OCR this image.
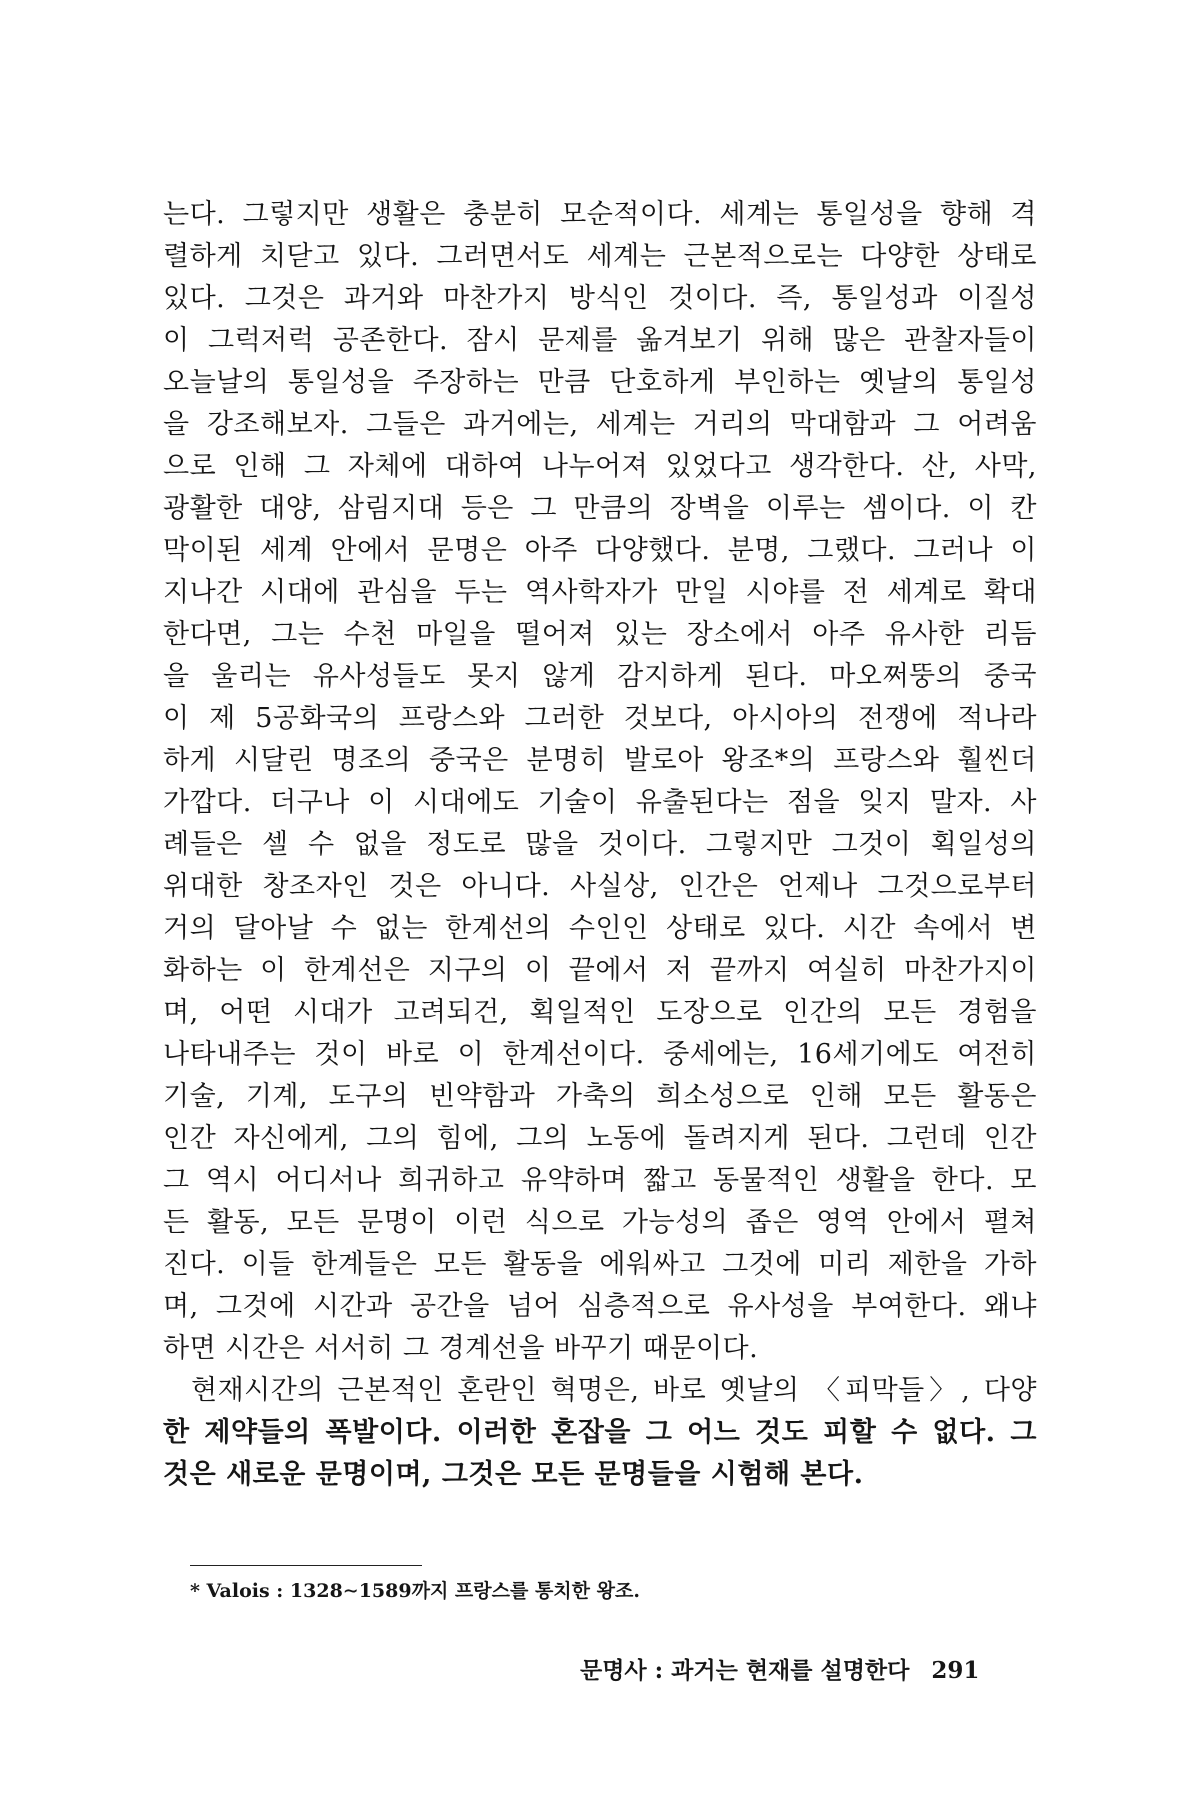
는다. 그렇지만 생활은 충분히 모순적이다. 세계는 통일성을 향해 격
렬하게 치닫고 있다. 그러면서도 세계는 근본적으로는 다양한 상태로
있다. 그것은 과거와 마찬가지 방식인 것이다. 즉, 통일성과 이질성
이 그럭저럭 공존한다. 잠시 문제를 옮겨보기 위해 많은 관찰자들이
오늘날의 통일성을 주장하는 만큼 단호하게 부인하는 옛날의 통일성
을 강조해보자. 그들은 과거에는, 세계는 거리의 막대함과 그 어려움
으로 인해 그 자체에 대하여 나누어져 있었다고 생각한다. 산, 사막,
광활한 대양, 삼림지대 등은 그 만큼의 장벽을 이루는 셈이다. 이 칸
막이된 세계 안에서 문명은 아주 다양했다. 분명, 그랬다. 그러나 이
지나간 시대에 관심을 두는 역사학자가 만일 시야를 전 세계로 확대
한다면, 그는 수천 마일을 떨어져 있는 장소에서 아주 유사한 리듬
을 울리는 유사성들도 못지 않게 감지하게 된다. 마오쩌뚱의 중국
이 제 5공화국의 프랑스와 그러한 것보다, 아시아의 전쟁에 적나라
하게 시달린 명조의 중국은 분명히 발로아 왕조*의 프랑스와 훨씬더
가깝다. 더구나 이 시대에도 기술이 유출된다는 점을 잊지 말자. 사
례들은 셀 수 없을 정도로 많을 것이다. 그렇지만 그것이 획일성의
위대한 창조자인 것은 아니다. 사실상, 인간은 언제나 그것으로부터
거의 달아날 수 없는 한계선의 수인인 상태로 있다. 시간 속에서 변
화하는 이 한계선은 지구의 이 끝에서 저 끝까지 여실히 마찬가지이
며, 어떤 시대가 고려되건, 획일적인 도장으로 인간의 모든 경험을
나타내주는 것이 바로 이 한계선이다. 중세에는, 16세기에도 여전히
기술, 기계, 도구의 빈약함과 가축의 희소성으로 인해 모든 활동은
인간 자신에게, 그의 힘에, 그의 노동에 돌려지게 된다. 그런데 인간
그 역시 어디서나 희귀하고 유약하며 짧고 동물적인 생활을 한다. 모
든 활동, 모든 문명이 이런 식으로 가능성의 좁은 영역 안에서 펼쳐
진다. 이들 한계들은 모든 활동을 에워싸고 그것에 미리 제한을 가하
며, 그것에 시간과 공간을 넘어 심층적으로 유사성을 부여한다. 왜냐
하면 시간은 서서히 그 경계선을 바꾸기 때문이다.
현재시간의 근본적인 혼란인 혁명은, 바로 옛날의 〈피막들〉, 다양
한 제약들의 폭발이다. 이러한 혼잡을 그 어느 것도 피할 수 없다. 그
것은 새로운 문명이며, 그것은 모든 문명들을 시험해 본다.
* Valois : 1328∼1589까지 프랑스를 통치한 왕조.
문명사 : 과거는 현재를 설명한다 291
